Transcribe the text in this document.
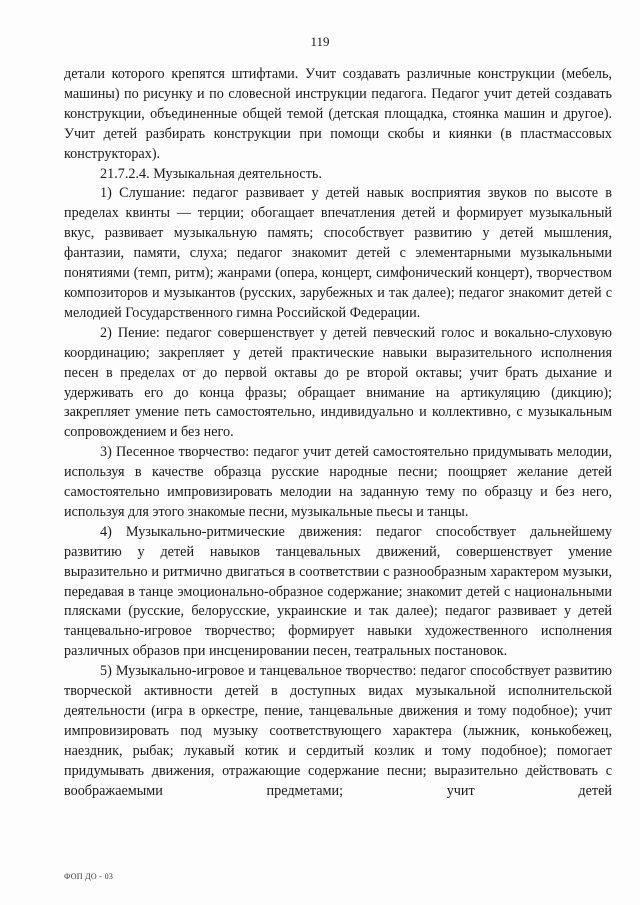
119

детали которого крепятся штифтами. Учит создавать различные конструкции (мебель, машины) по рисунку и по словесной инструкции педагога. Педагог учит детей создавать конструкции, объединенные общей темой (детская площадка, стоянка машин и другое). Учит детей разбирать конструкции при помощи скобы и киянки (в пластмассовых конструкторах).

21.7.2.4. Музыкальная деятельность.

1) Слушание: педагог развивает у детей навык восприятия звуков по высоте в пределах квинты — терции; обогащает впечатления детей и формирует музыкальный вкус, развивает музыкальную память; способствует развитию у детей мышления, фантазии, памяти, слуха; педагог знакомит детей с элементарными музыкальными понятиями (темп, ритм); жанрами (опера, концерт, симфонический концерт), творчеством композиторов и музыкантов (русских, зарубежных и так далее); педагог знакомит детей с мелодией Государственного гимна Российской Федерации.

2) Пение: педагог совершенствует у детей певческий голос и вокально-слуховую координацию; закрепляет у детей практические навыки выразительного исполнения песен в пределах от до первой октавы до ре второй октавы; учит брать дыхание и удерживать его до конца фразы; обращает внимание на артикуляцию (дикцию); закрепляет умение петь самостоятельно, индивидуально и коллективно, с музыкальным сопровождением и без него.

3) Песенное творчество: педагог учит детей самостоятельно придумывать мелодии, используя в качестве образца русские народные песни; поощряет желание детей самостоятельно импровизировать мелодии на заданную тему по образцу и без него, используя для этого знакомые песни, музыкальные пьесы и танцы.

4) Музыкально-ритмические движения: педагог способствует дальнейшему развитию у детей навыков танцевальных движений, совершенствует умение выразительно и ритмично двигаться в соответствии с разнообразным характером музыки, передавая в танце эмоционально-образное содержание; знакомит детей с национальными плясками (русские, белорусские, украинские и так далее); педагог развивает у детей танцевально-игровое творчество; формирует навыки художественного исполнения различных образов при инсценировании песен, театральных постановок.

5) Музыкально-игровое и танцевальное творчество: педагог способствует развитию творческой активности детей в доступных видах музыкальной исполнительской деятельности (игра в оркестре, пение, танцевальные движения и тому подобное); учит импровизировать под музыку соответствующего характера (лыжник, конькобежец, наездник, рыбак; лукавый котик и сердитый козлик и тому подобное); помогает придумывать движения, отражающие содержание песни; выразительно действовать с воображаемыми предметами; учит детей

ФОП ДО - 03
